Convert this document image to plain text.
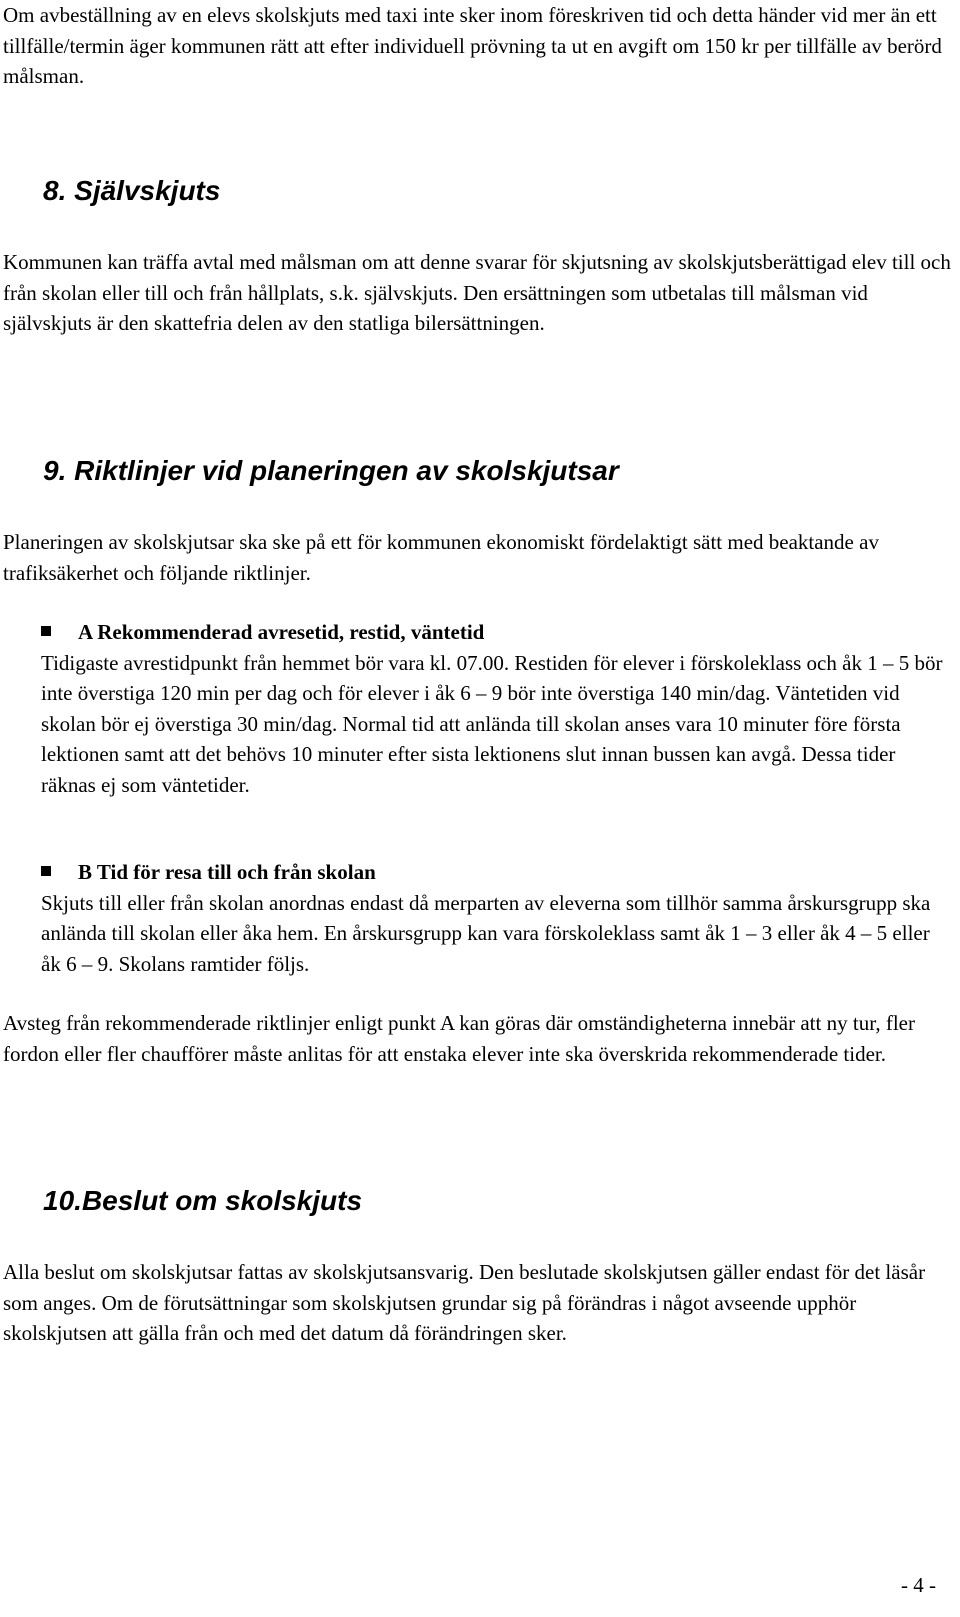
Om avbeställning av en elevs skolskjuts med taxi inte sker inom föreskriven tid och detta händer vid mer än ett tillfälle/termin äger kommunen rätt att efter individuell prövning ta ut en avgift om 150 kr per tillfälle av berörd målsman.

8. Självskjuts

Kommunen kan träffa avtal med målsman om att denne svarar för skjutsning av skolskjutsberättigad elev till och från skolan eller till och från hållplats, s.k. självskjuts. Den ersättningen som utbetalas till målsman vid självskjuts är den skattefria delen av den statliga bilersättningen.

9. Riktlinjer vid planeringen av skolskjutsar

Planeringen av skolskjutsar ska ske på ett för kommunen ekonomiskt fördelaktigt sätt med beaktande av trafiksäkerhet och följande riktlinjer.

A Rekommenderad avresetid, restid, väntetid

Tidigaste avrestidpunkt från hemmet bör vara kl. 07.00. Restiden för elever i förskoleklass och åk 1 – 5 bör inte överstiga 120 min per dag och för elever i åk 6 – 9 bör inte överstiga 140 min/dag. Väntetiden vid skolan bör ej överstiga 30 min/dag. Normal tid att anlända till skolan anses vara 10 minuter före första lektionen samt att det behövs 10 minuter efter sista lektionens slut innan bussen kan avgå. Dessa tider räknas ej som väntetider.

B Tid för resa till och från skolan

Skjuts till eller från skolan anordnas endast då merparten av eleverna som tillhör samma årskursgrupp ska anlända till skolan eller åka hem. En årskursgrupp kan vara förskoleklass samt åk 1 – 3 eller åk 4 – 5 eller åk 6 – 9. Skolans ramtider följs.

Avsteg från rekommenderade riktlinjer enligt punkt A kan göras där omständigheterna innebär att ny tur, fler fordon eller fler chaufförer måste anlitas för att enstaka elever inte ska överskrida rekommenderade tider.

10.Beslut om skolskjuts

Alla beslut om skolskjutsar fattas av skolskjutsansvarig. Den beslutade skolskjutsen gäller endast för det läsår som anges. Om de förutsättningar som skolskjutsen grundar sig på förändras i något avseende upphör skolskjutsen att gälla från och med det datum då förändringen sker.

- 4 -
